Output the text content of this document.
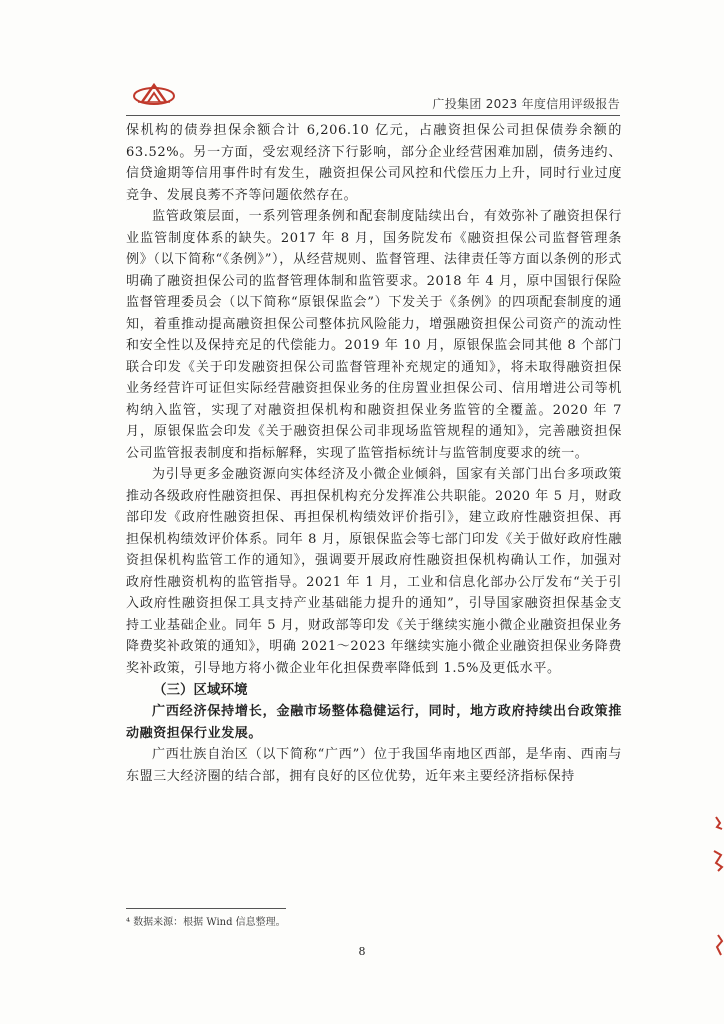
广投集团 2023 年度信用评级报告

保机构的债券担保余额合计 6,206.10 亿元，占融资担保公司担保债券余额的 63.52%。另一方面，受宏观经济下行影响，部分企业经营困难加剧，债务违约、信贷逾期等信用事件时有发生，融资担保公司风控和代偿压力上升，同时行业过度竞争、发展良莠不齐等问题依然存在。

监管政策层面，一系列管理条例和配套制度陆续出台，有效弥补了融资担保行业监管制度体系的缺失。2017 年 8 月，国务院发布《融资担保公司监督管理条例》（以下简称“《条例》”），从经营规则、监督管理、法律责任等方面以条例的形式明确了融资担保公司的监督管理体制和监管要求。2018 年 4 月，原中国银行保险监督管理委员会（以下简称“原银保监会”）下发关于《条例》的四项配套制度的通知，着重推动提高融资担保公司整体抗风险能力，增强融资担保公司资产的流动性和安全性以及保持充足的代偿能力。2019 年 10 月，原银保监会同其他 8 个部门联合印发《关于印发融资担保公司监督管理补充规定的通知》，将未取得融资担保业务经营许可证但实际经营融资担保业务的住房置业担保公司、信用增进公司等机构纳入监管，实现了对融资担保机构和融资担保业务监管的全覆盖。2020 年 7 月，原银保监会印发《关于融资担保公司非现场监管规程的通知》，完善融资担保公司监管报表制度和指标解释，实现了监管指标统计与监管制度要求的统一。

为引导更多金融资源向实体经济及小微企业倾斜，国家有关部门出台多项政策推动各级政府性融资担保、再担保机构充分发挥准公共职能。2020 年 5 月，财政部印发《政府性融资担保、再担保机构绩效评价指引》，建立政府性融资担保、再担保机构绩效评价体系。同年 8 月，原银保监会等七部门印发《关于做好政府性融资担保机构监管工作的通知》，强调要开展政府性融资担保机构确认工作，加强对政府性融资机构的监管指导。2021 年 1 月，工业和信息化部办公厅发布“关于引入政府性融资担保工具支持产业基础能力提升的通知”，引导国家融资担保基金支持工业基础企业。同年 5 月，财政部等印发《关于继续实施小微企业融资担保业务降费奖补政策的通知》，明确 2021～2023 年继续实施小微企业融资担保业务降费奖补政策，引导地方将小微企业年化担保费率降低到 1.5%及更低水平。

（三）区域环境

广西经济保持增长，金融市场整体稳健运行，同时，地方政府持续出台政策推动融资担保行业发展。

广西壮族自治区（以下简称“广西”）位于我国华南地区西部，是华南、西南与东盟三大经济圈的结合部，拥有良好的区位优势，近年来主要经济指标保持

⁴ 数据来源：根据 Wind 信息整理。
8
